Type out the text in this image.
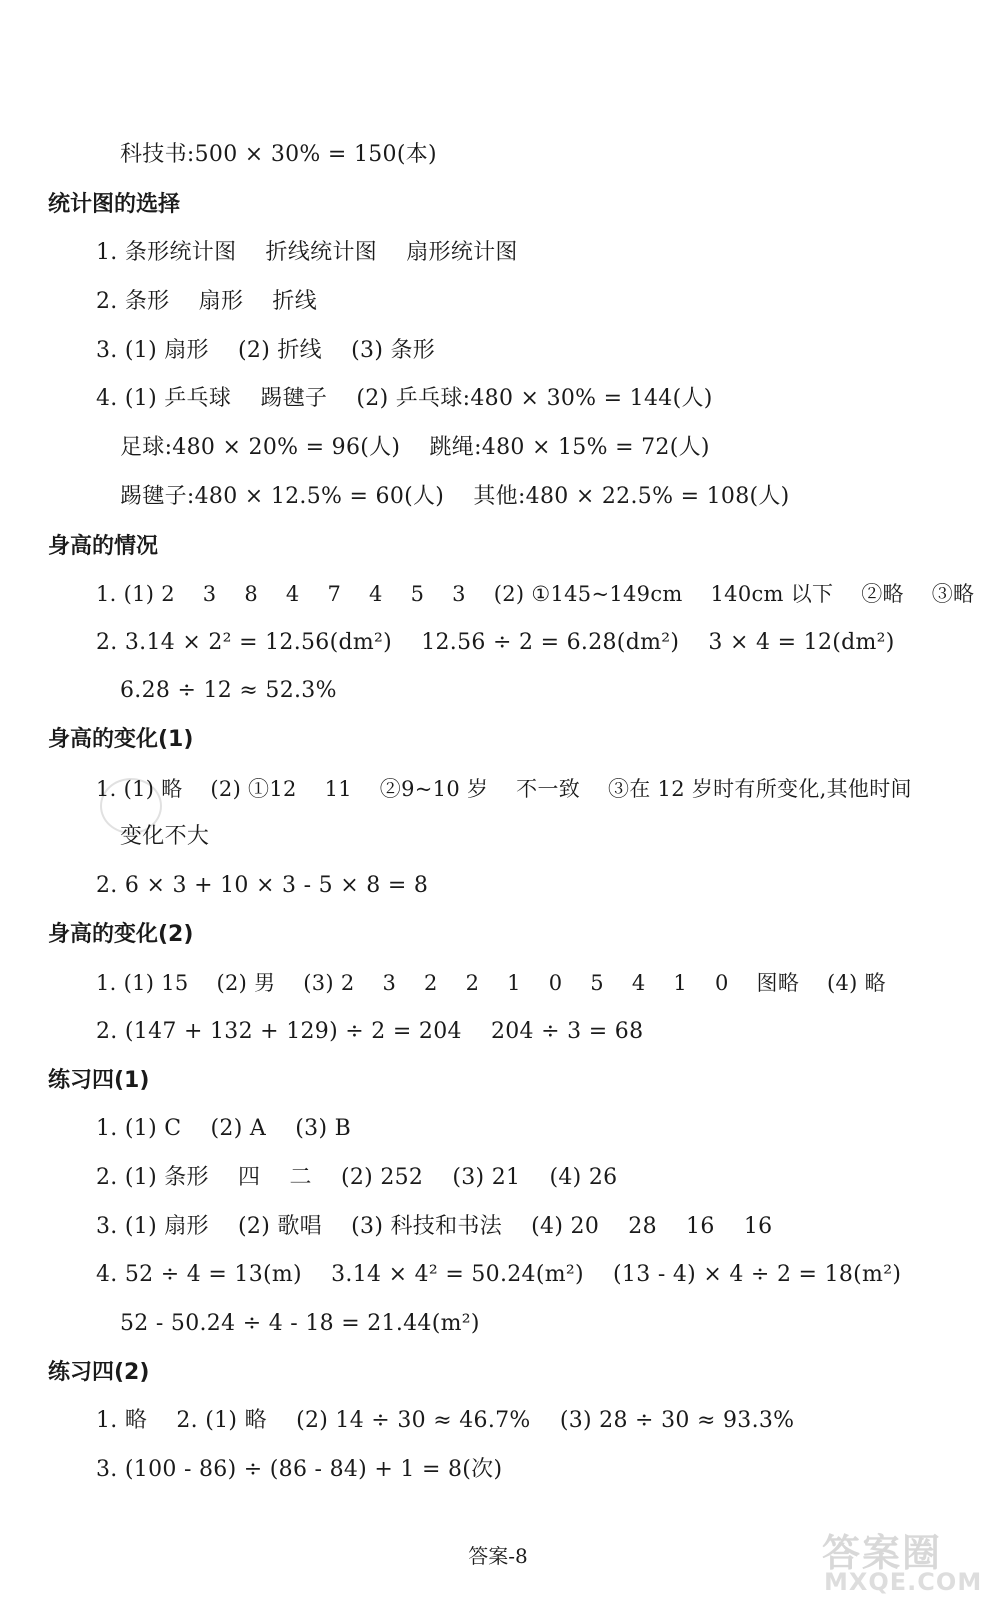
科技书:500 × 30% = 150(本)
统计图的选择
1. 条形统计图    折线统计图    扇形统计图
2. 条形    扇形    折线
3. (1) 扇形    (2) 折线    (3) 条形
4. (1) 乒乓球    踢毽子    (2) 乒乓球:480 × 30% = 144(人)
足球:480 × 20% = 96(人)    跳绳:480 × 15% = 72(人)
踢毽子:480 × 12.5% = 60(人)    其他:480 × 22.5% = 108(人)
身高的情况
1. (1) 2    3    8    4    7    4    5    3    (2) ①145~149cm    140cm 以下    ②略    ③略
2. 3.14 × 2² = 12.56(dm²)    12.56 ÷ 2 = 6.28(dm²)    3 × 4 = 12(dm²)
6.28 ÷ 12 ≈ 52.3%
身高的变化(1)
1. (1) 略    (2) ①12    11    ②9~10 岁    不一致    ③在 12 岁时有所变化,其他时间
变化不大
2. 6 × 3 + 10 × 3 - 5 × 8 = 8
身高的变化(2)
1. (1) 15    (2) 男    (3) 2    3    2    2    1    0    5    4    1    0    图略    (4) 略
2. (147 + 132 + 129) ÷ 2 = 204    204 ÷ 3 = 68
练习四(1)
1. (1) C    (2) A    (3) B
2. (1) 条形    四    二    (2) 252    (3) 21    (4) 26
3. (1) 扇形    (2) 歌唱    (3) 科技和书法    (4) 20    28    16    16
4. 52 ÷ 4 = 13(m)    3.14 × 4² = 50.24(m²)    (13 - 4) × 4 ÷ 2 = 18(m²)
52 - 50.24 ÷ 4 - 18 = 21.44(m²)
练习四(2)
1. 略    2. (1) 略    (2) 14 ÷ 30 ≈ 46.7%    (3) 28 ÷ 30 ≈ 93.3%
3. (100 - 86) ÷ (86 - 84) + 1 = 8(次)
答案-8	答案圈
MXQE.COM
